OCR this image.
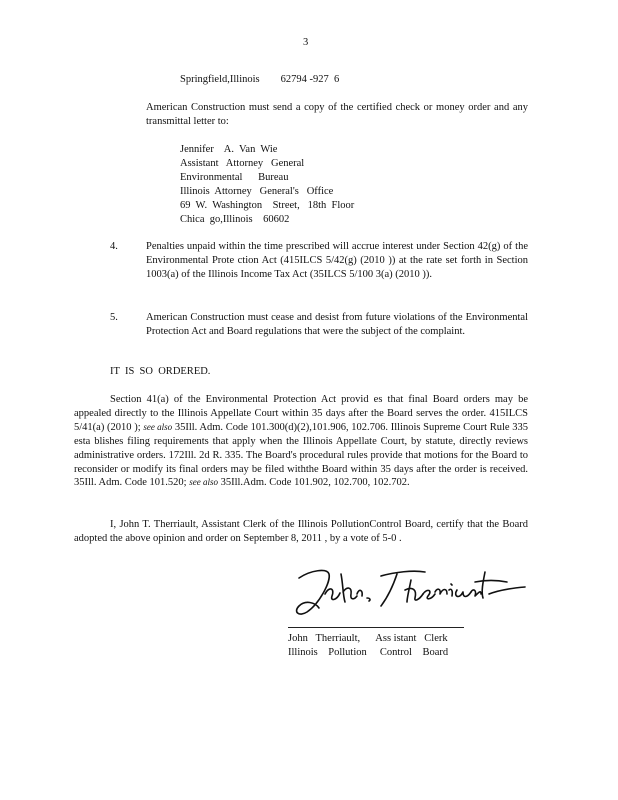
3
Springfield,Illinois        62794 -927  6
American Construction must send a copy of the certified check or money order and any transmittal letter to:
Jennifer    A.  Van  Wie
Assistant   Attorney   General
Environmental      Bureau
Illinois  Attorney   General's   Office
69  W.  Washington    Street,   18th  Floor
Chica  go,Illinois    60602
4.	Penalties unpaid within the time prescribed will accrue interest under Section 42(g) of the Environmental Prote ction Act (415ILCS 5/42(g) (2010 )) at the rate set forth in Section 1003(a) of the Illinois Income Tax Act (35ILCS 5/100 3(a) (2010 )).
5.	American Construction must cease and desist from future violations of the Environmental Protection Act and Board regulations that were the subject of the complaint.
IT  IS  SO  ORDERED.
Section 41(a) of the Environmental Protection Act provid es that final Board orders may be appealed directly to the Illinois Appellate Court within 35 days after the Board serves the order. 415ILCS 5/41(a) (2010 ); see also 35Ill. Adm. Code 101.300(d)(2),101.906, 102.706. Illinois Supreme Court Rule 335 esta blishes filing requirements that apply when the Illinois Appellate Court, by statute, directly reviews administrative orders. 172Ill. 2d R. 335. The Board's procedural rules provide that motions for the Board to reconsider or modify its final orders may be filed withthe Board within 35 days after the order is received. 35Ill. Adm. Code 101.520; see also 35Ill.Adm. Code 101.902, 102.700, 102.702.
I, John T. Therriault, Assistant Clerk of the Illinois PollutionControl Board, certify that the Board adopted the above opinion and order on September 8, 2011 , by a vote of 5-0 .
John   Therriault,      Ass istant   Clerk
Illinois    Pollution     Control    Board
